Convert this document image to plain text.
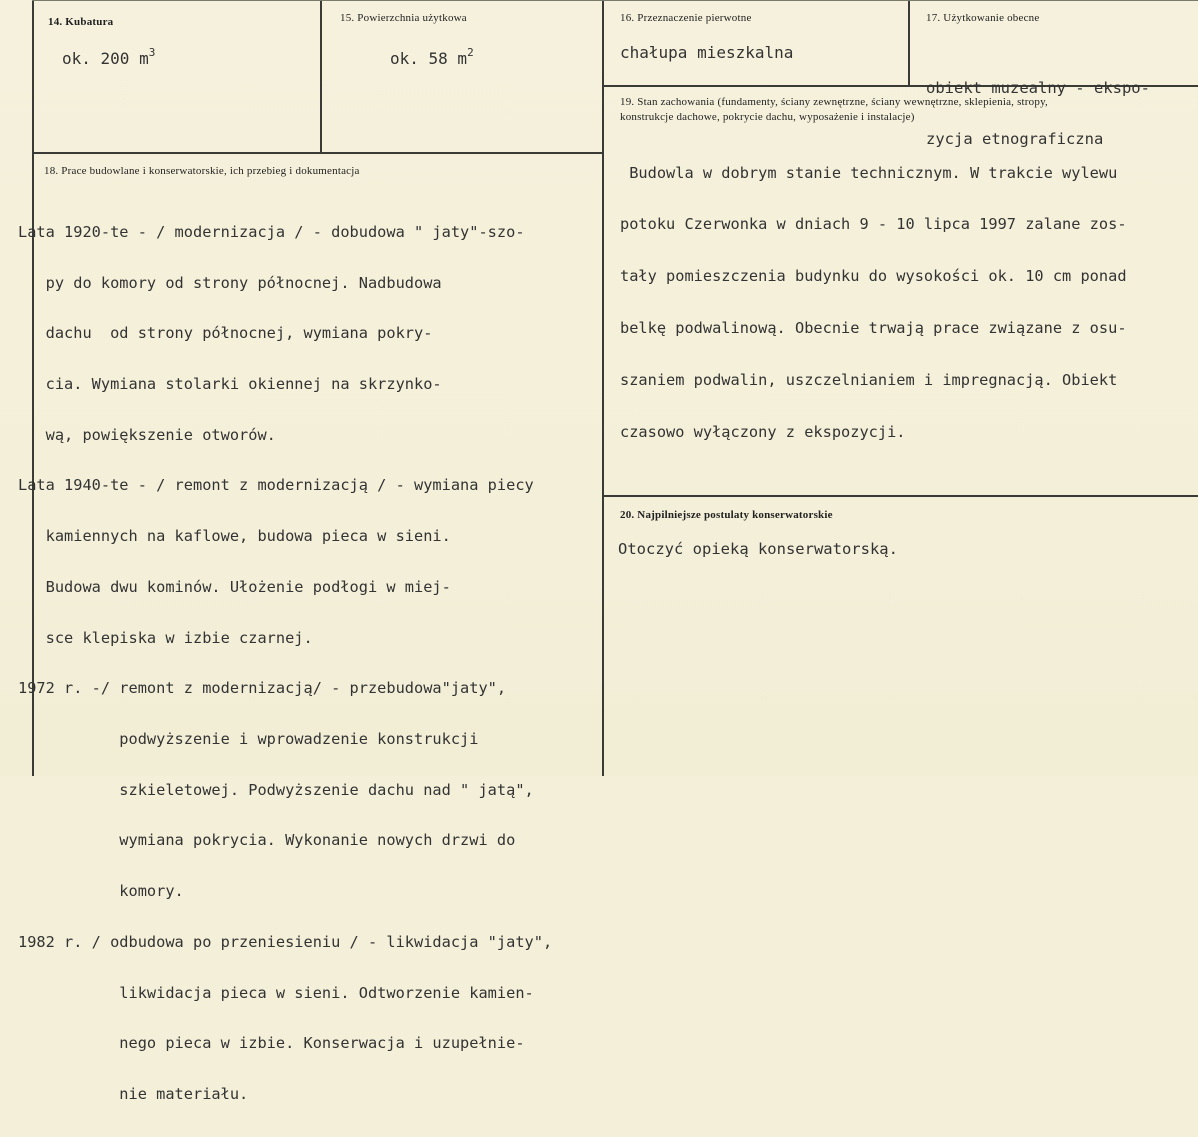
14. Kubatura
ok. 200 $m^3$
15. Powierzchnia użytkowa
ok. 58 $m^2$
16. Przeznaczenie pierwotne
chałupa mieszkalna
17. Użytkowanie obecne

obiekt muzealny - ekspo-

zycja etnograficzna

19. Stan zachowania (fundamenty, ściany zewnętrzne, ściany wewnętrzne, sklepienia, stropy,
konstrukcje dachowe, pokrycie dachu, wyposażenie i instalacje)

Budowla w dobrym stanie technicznym. W trakcie wylewu

potoku Czerwonka w dniach 9 - 10 lipca 1997 zalane zos-

tały pomieszczenia budynku do wysokości ok. 10 cm ponad

belkę podwalinową. Obecnie trwają prace związane z osu-

szaniem podwalin, uszczelnianiem i impregnacją. Obiekt

czasowo wyłączony z ekspozycji.

18. Prace budowlane i konserwatorskie, ich przebieg i dokumentacja

Lata 1920-te - / modernizacja / - dobudowa " jaty"-szo-

py do komory od strony północnej. Nadbudowa

dachu  od strony północnej, wymiana pokry-

cia. Wymiana stolarki okiennej na skrzynko-

wą, powiększenie otworów.

Lata 1940-te - / remont z modernizacją / - wymiana piecy

kamiennych na kaflowe, budowa pieca w sieni.

Budowa dwu kominów. Ułożenie podłogi w miej-

sce klepiska w izbie czarnej.

1972 r. -/ remont z modernizacją/ - przebudowa"jaty",

podwyższenie i wprowadzenie konstrukcji

szkieletowej. Podwyższenie dachu nad " jatą",

wymiana pokrycia. Wykonanie nowych drzwi do

komory.

1982 r. / odbudowa po przeniesieniu / - likwidacja "jaty",

likwidacja pieca w sieni. Odtworzenie kamien-

nego pieca w izbie. Konserwacja i uzupełnie-

nie materiału.

20. Najpilniejsze postulaty konserwatorskie
Otoczyć opieką konserwatorską.
